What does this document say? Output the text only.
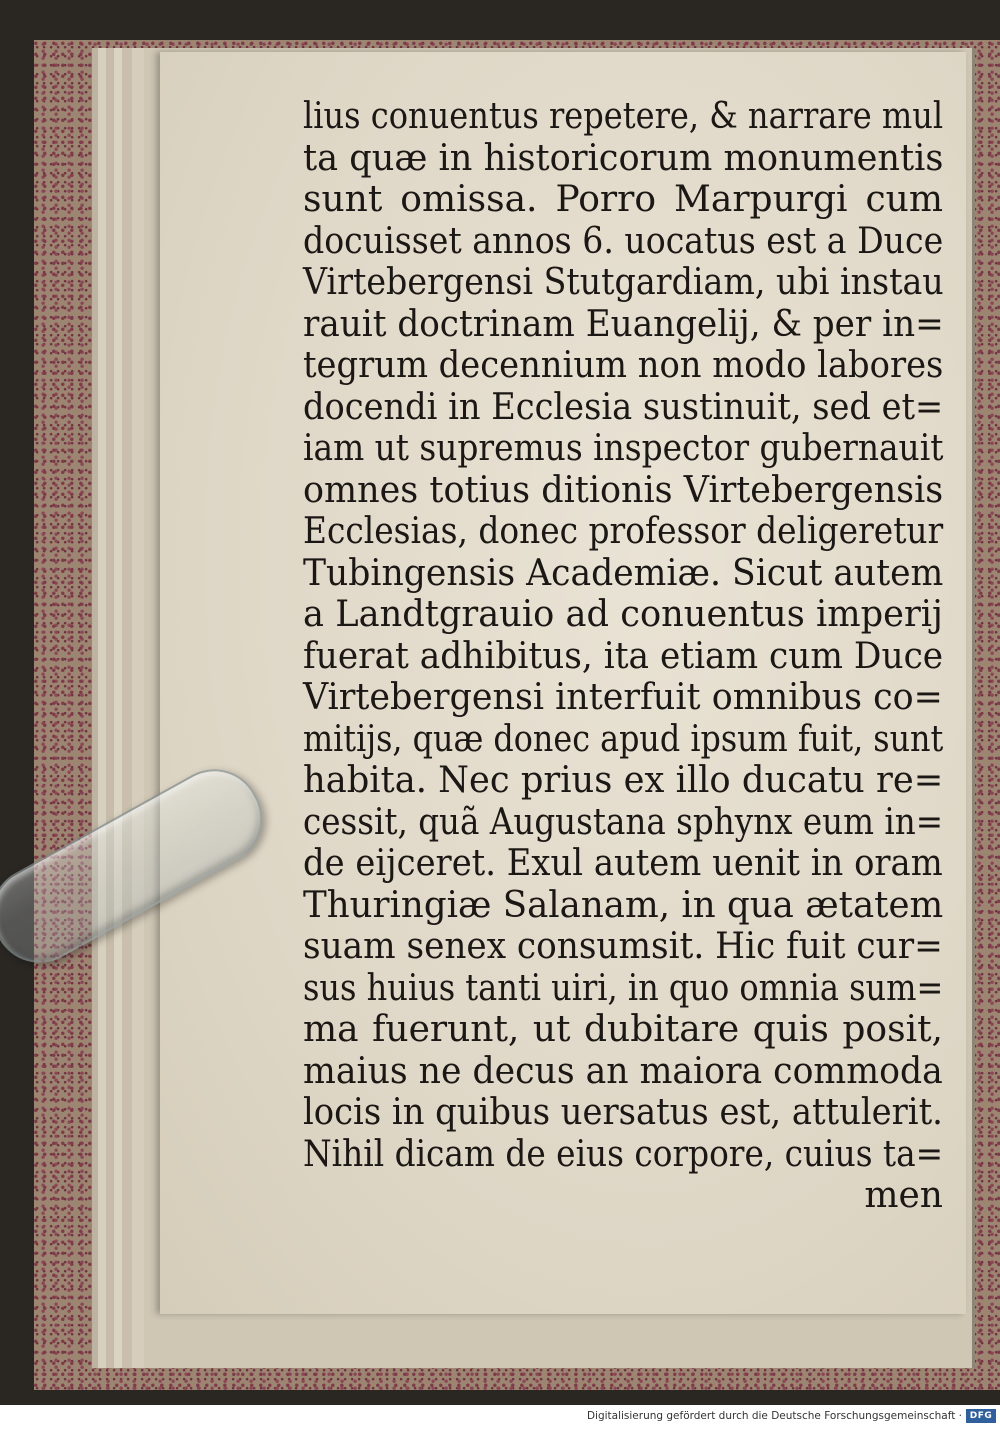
lius conuentus repetere, & narrare mul
ta quæ in historicorum monumentis
sunt omissa. Porro Marpurgi cum
docuisset annos 6. uocatus est a Duce
Virtebergensi Stutgardiam, ubi instau
rauit doctrinam Euangelij, & per in=
tegrum decennium non modo labores
docendi in Ecclesia sustinuit, sed et=
iam ut supremus inspector gubernauit
omnes totius ditionis Virtebergensis
Ecclesias, donec professor deligeretur
Tubingensis Academiæ. Sicut autem
a Landtgrauio ad conuentus imperij
fuerat adhibitus, ita etiam cum Duce
Virtebergensi interfuit omnibus co=
mitijs, quæ donec apud ipsum fuit, sunt
habita. Nec prius ex illo ducatu re=
cessit, quã Augustana sphynx eum in=
de eijceret. Exul autem uenit in oram
Thuringiæ Salanam, in qua ætatem
suam senex consumsit. Hic fuit cur=
sus huius tanti uiri, in quo omnia sum=
ma fuerunt, ut dubitare quis posit,
maius ne decus an maiora commoda
locis in quibus uersatus est, attulerit.
Nihil dicam de eius corpore, cuius ta=
men
Digitalisierung gefördert durch die Deutsche Forschungsgemeinschaft · DFG
